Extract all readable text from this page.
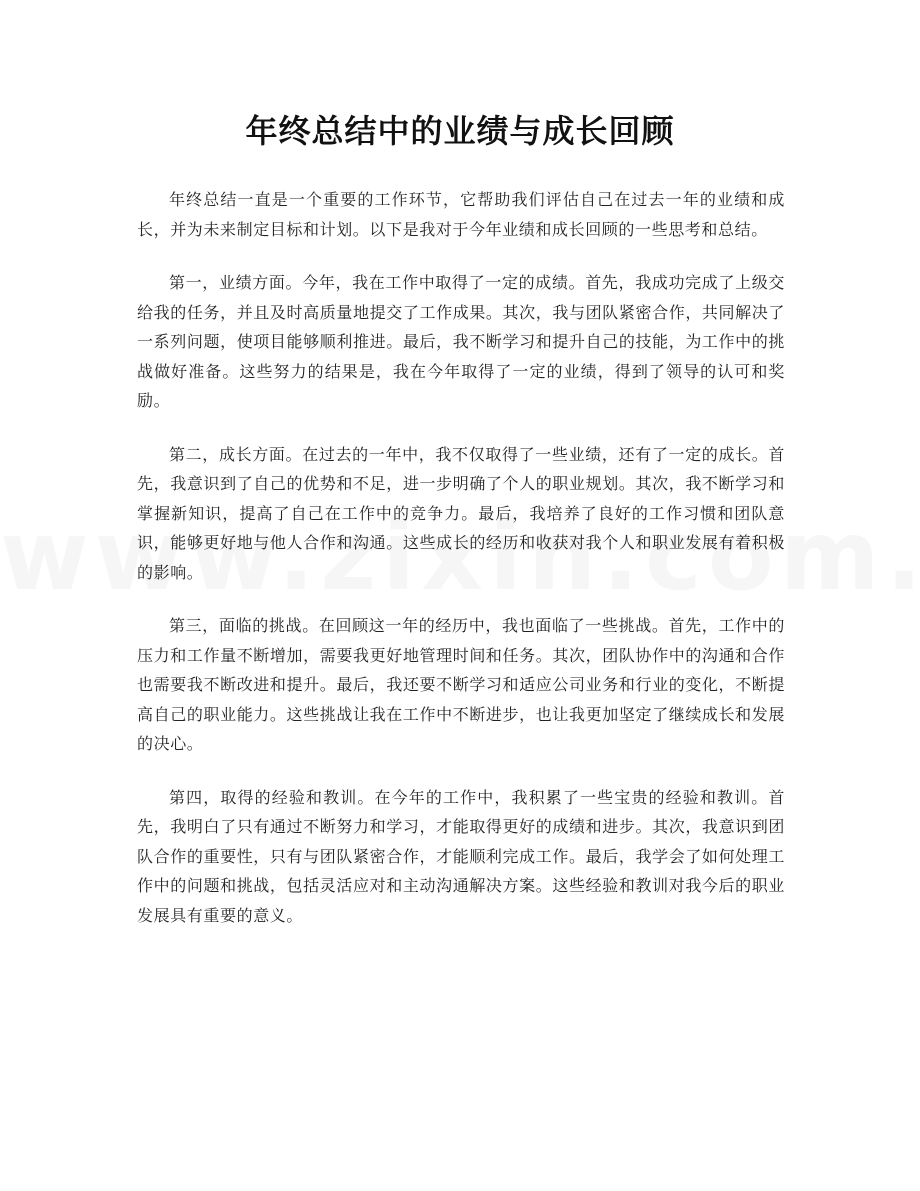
年终总结中的业绩与成长回顾

年终总结一直是一个重要的工作环节，它帮助我们评估自己在过去一年的业绩和成长，并为未来制定目标和计划。以下是我对于今年业绩和成长回顾的一些思考和总结。

第一，业绩方面。今年，我在工作中取得了一定的成绩。首先，我成功完成了上级交给我的任务，并且及时高质量地提交了工作成果。其次，我与团队紧密合作，共同解决了一系列问题，使项目能够顺利推进。最后，我不断学习和提升自己的技能，为工作中的挑战做好准备。这些努力的结果是，我在今年取得了一定的业绩，得到了领导的认可和奖励。

第二，成长方面。在过去的一年中，我不仅取得了一些业绩，还有了一定的成长。首先，我意识到了自己的优势和不足，进一步明确了个人的职业规划。其次，我不断学习和掌握新知识，提高了自己在工作中的竞争力。最后，我培养了良好的工作习惯和团队意识，能够更好地与他人合作和沟通。这些成长的经历和收获对我个人和职业发展有着积极的影响。

第三，面临的挑战。在回顾这一年的经历中，我也面临了一些挑战。首先，工作中的压力和工作量不断增加，需要我更好地管理时间和任务。其次，团队协作中的沟通和合作也需要我不断改进和提升。最后，我还要不断学习和适应公司业务和行业的变化，不断提高自己的职业能力。这些挑战让我在工作中不断进步，也让我更加坚定了继续成长和发展的决心。

第四，取得的经验和教训。在今年的工作中，我积累了一些宝贵的经验和教训。首先，我明白了只有通过不断努力和学习，才能取得更好的成绩和进步。其次，我意识到团队合作的重要性，只有与团队紧密合作，才能顺利完成工作。最后，我学会了如何处理工作中的问题和挑战，包括灵活应对和主动沟通解决方案。这些经验和教训对我今后的职业发展具有重要的意义。
